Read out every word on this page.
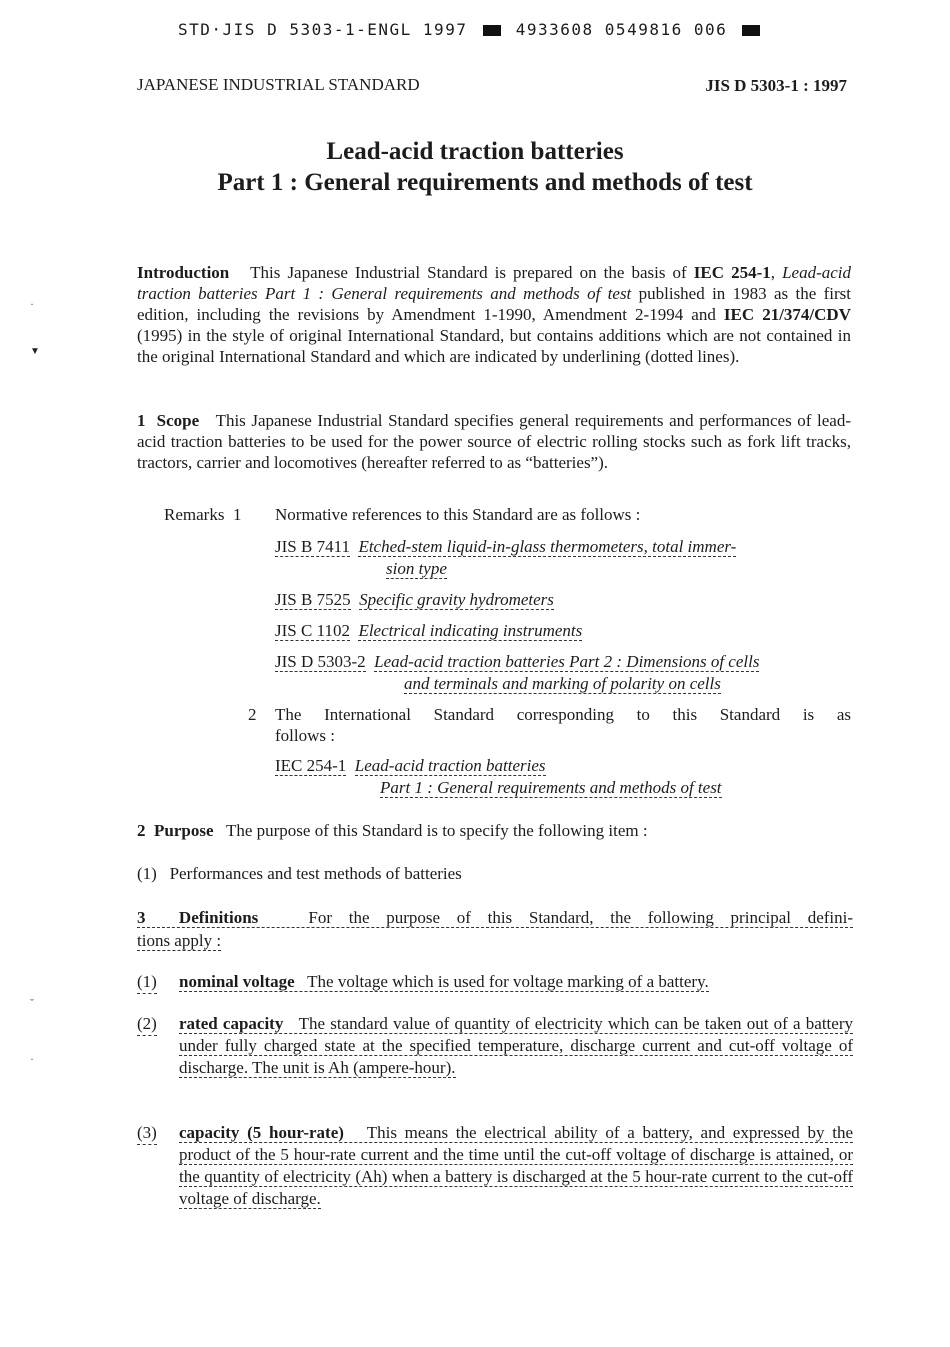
STD·JIS D 5303-1-ENGL 1997	4933608 0549816 006
JAPANESE INDUSTRIAL STANDARD	JIS D 5303-1 : 1997
Lead-acid traction batteries
Part 1 : General requirements and methods of test
·
▼
˘
·
Introduction This Japanese Industrial Standard is prepared on the basis of IEC 254-1, Lead-acid traction batteries Part 1 : General requirements and methods of test published in 1983 as the first edition, including the revisions by Amendment 1-1990, Amendment 2-1994 and IEC 21/374/CDV (1995) in the style of original International Standard, but contains additions which are not contained in the original International Standard and which are indicated by underlining (dotted lines).
1 Scope This Japanese Industrial Standard specifies general requirements and performances of lead-acid traction batteries to be used for the power source of electric rolling stocks such as fork lift tracks, tractors, carrier and locomotives (hereafter referred to as “batteries”).
Remarks 1 Normative references to this Standard are as follows :
JIS B 7411 Etched-stem liquid-in-glass thermometers, total immer-
sion type
JIS B 7525 Specific gravity hydrometers
JIS C 1102 Electrical indicating instruments
JIS D 5303-2 Lead-acid traction batteries Part 2 : Dimensions of cells
and terminals and marking of polarity on cells
2 The International Standard corresponding to this Standard is as
follows :
IEC 254-1 Lead-acid traction batteries
Part 1 : General requirements and methods of test
2 Purpose The purpose of this Standard is to specify the following item :
(1) Performances and test methods of batteries
3 Definitions	For the purpose of this Standard, the following principal defini-
tions apply :
(1) nominal voltage The voltage which is used for voltage marking of a battery.
(2) rated capacity The standard value of quantity of electricity which can be taken out of a battery under fully charged state at the specified temperature, discharge current and cut-off voltage of discharge. The unit is Ah (ampere-hour).
(3) capacity (5 hour-rate) This means the electrical ability of a battery, and expressed by the product of the 5 hour-rate current and the time until the cut-off voltage of discharge is attained, or the quantity of electricity (Ah) when a battery is discharged at the 5 hour-rate current to the cut-off voltage of discharge.
